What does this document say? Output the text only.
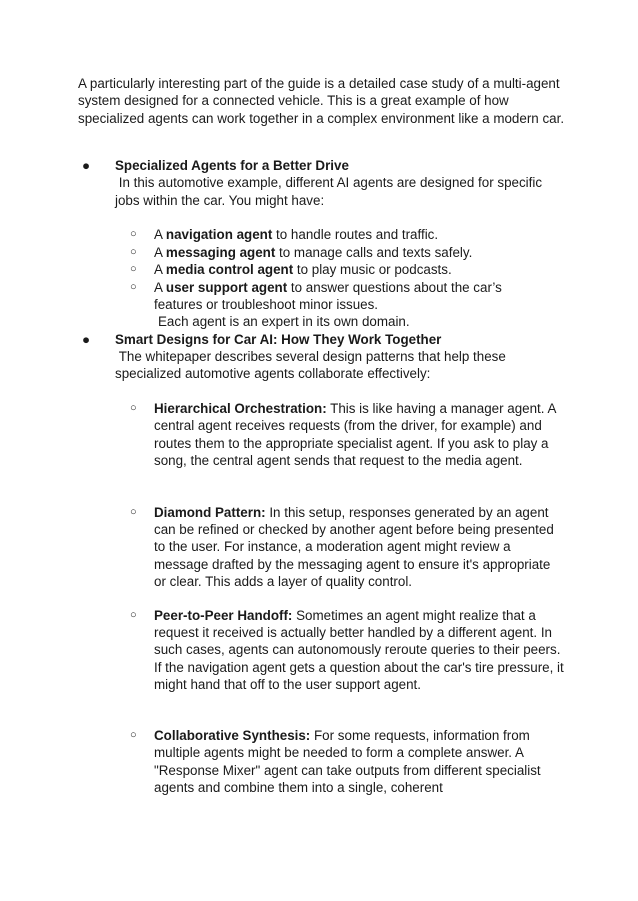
A particularly interesting part of the guide is a detailed case study of a multi-agent system designed for a connected vehicle. This is a great example of how specialized agents can work together in a complex environment like a modern car.

● Specialized Agents for a Better Drive
In this automotive example, different AI agents are designed for specific jobs within the car. You might have:
○ A navigation agent to handle routes and traffic.
○ A messaging agent to manage calls and texts safely.
○ A media control agent to play music or podcasts.
○ A user support agent to answer questions about the car’s features or troubleshoot minor issues.
Each agent is an expert in its own domain.
● Smart Designs for Car AI: How They Work Together
The whitepaper describes several design patterns that help these specialized automotive agents collaborate effectively:
○ Hierarchical Orchestration: This is like having a manager agent. A central agent receives requests (from the driver, for example) and routes them to the appropriate specialist agent. If you ask to play a song, the central agent sends that request to the media agent.
○ Diamond Pattern: In this setup, responses generated by an agent can be refined or checked by another agent before being presented to the user. For instance, a moderation agent might review a message drafted by the messaging agent to ensure it's appropriate or clear. This adds a layer of quality control.
○ Peer-to-Peer Handoff: Sometimes an agent might realize that a request it received is actually better handled by a different agent. In such cases, agents can autonomously reroute queries to their peers. If the navigation agent gets a question about the car's tire pressure, it might hand that off to the user support agent.
○ Collaborative Synthesis: For some requests, information from multiple agents might be needed to form a complete answer. A "Response Mixer" agent can take outputs from different specialist agents and combine them into a single, coherent
